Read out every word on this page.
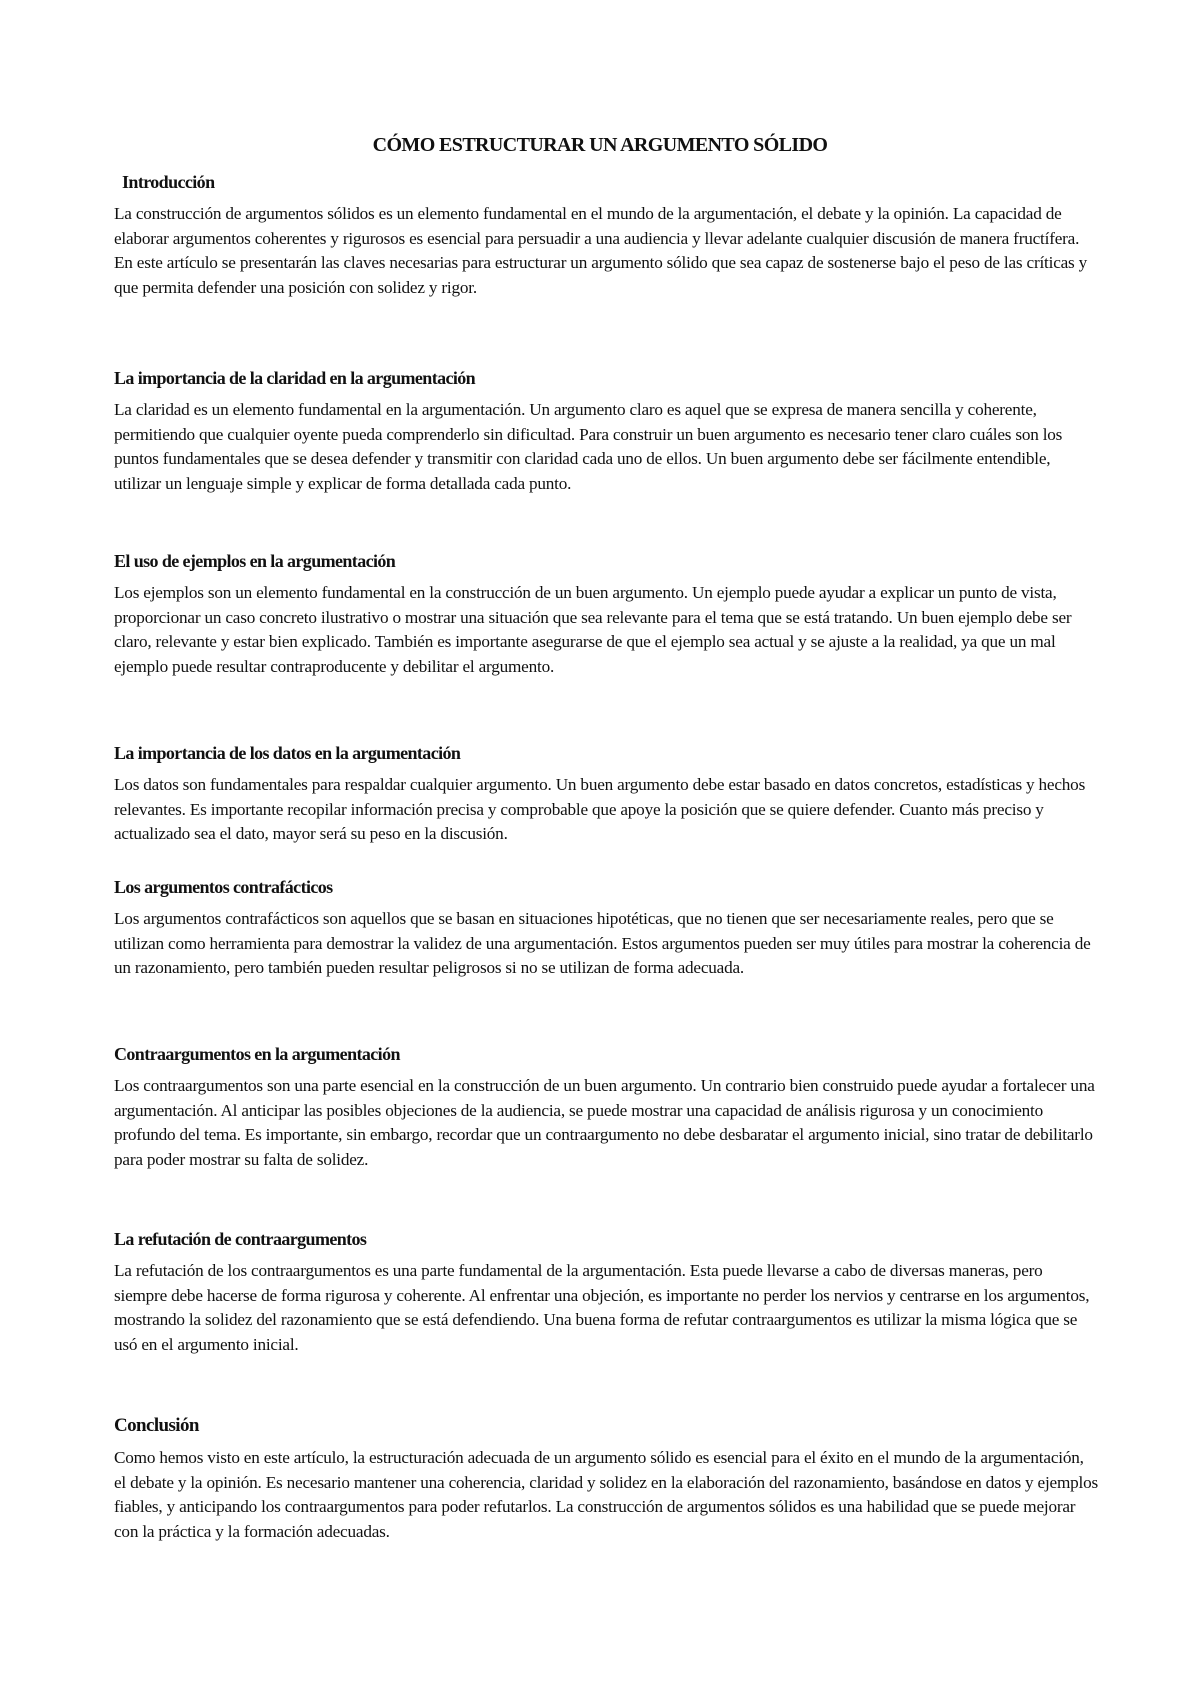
CÓMO ESTRUCTURAR UN ARGUMENTO SÓLIDO
Introducción

La construcción de argumentos sólidos es un elemento fundamental en el mundo de la argumentación, el debate y la opinión. La capacidad de elaborar argumentos coherentes y rigurosos es esencial para persuadir a una audiencia y llevar adelante cualquier discusión de manera fructífera. En este artículo se presentarán las claves necesarias para estructurar un argumento sólido que sea capaz de sostenerse bajo el peso de las críticas y que permita defender una posición con solidez y rigor.

La importancia de la claridad en la argumentación

La claridad es un elemento fundamental en la argumentación. Un argumento claro es aquel que se expresa de manera sencilla y coherente, permitiendo que cualquier oyente pueda comprenderlo sin dificultad. Para construir un buen argumento es necesario tener claro cuáles son los puntos fundamentales que se desea defender y transmitir con claridad cada uno de ellos. Un buen argumento debe ser fácilmente entendible, utilizar un lenguaje simple y explicar de forma detallada cada punto.

El uso de ejemplos en la argumentación

Los ejemplos son un elemento fundamental en la construcción de un buen argumento. Un ejemplo puede ayudar a explicar un punto de vista, proporcionar un caso concreto ilustrativo o mostrar una situación que sea relevante para el tema que se está tratando. Un buen ejemplo debe ser claro, relevante y estar bien explicado. También es importante asegurarse de que el ejemplo sea actual y se ajuste a la realidad, ya que un mal ejemplo puede resultar contraproducente y debilitar el argumento.

La importancia de los datos en la argumentación

Los datos son fundamentales para respaldar cualquier argumento. Un buen argumento debe estar basado en datos concretos, estadísticas y hechos relevantes. Es importante recopilar información precisa y comprobable que apoye la posición que se quiere defender. Cuanto más preciso y actualizado sea el dato, mayor será su peso en la discusión.

Los argumentos contrafácticos

Los argumentos contrafácticos son aquellos que se basan en situaciones hipotéticas, que no tienen que ser necesariamente reales, pero que se utilizan como herramienta para demostrar la validez de una argumentación. Estos argumentos pueden ser muy útiles para mostrar la coherencia de un razonamiento, pero también pueden resultar peligrosos si no se utilizan de forma adecuada.

Contraargumentos en la argumentación

Los contraargumentos son una parte esencial en la construcción de un buen argumento. Un contrario bien construido puede ayudar a fortalecer una argumentación. Al anticipar las posibles objeciones de la audiencia, se puede mostrar una capacidad de análisis rigurosa y un conocimiento profundo del tema. Es importante, sin embargo, recordar que un contraargumento no debe desbaratar el argumento inicial, sino tratar de debilitarlo para poder mostrar su falta de solidez.

La refutación de contraargumentos

La refutación de los contraargumentos es una parte fundamental de la argumentación. Esta puede llevarse a cabo de diversas maneras, pero siempre debe hacerse de forma rigurosa y coherente. Al enfrentar una objeción, es importante no perder los nervios y centrarse en los argumentos, mostrando la solidez del razonamiento que se está defendiendo. Una buena forma de refutar contraargumentos es utilizar la misma lógica que se usó en el argumento inicial.

Conclusión

Como hemos visto en este artículo, la estructuración adecuada de un argumento sólido es esencial para el éxito en el mundo de la argumentación, el debate y la opinión. Es necesario mantener una coherencia, claridad y solidez en la elaboración del razonamiento, basándose en datos y ejemplos fiables, y anticipando los contraargumentos para poder refutarlos. La construcción de argumentos sólidos es una habilidad que se puede mejorar con la práctica y la formación adecuadas.
